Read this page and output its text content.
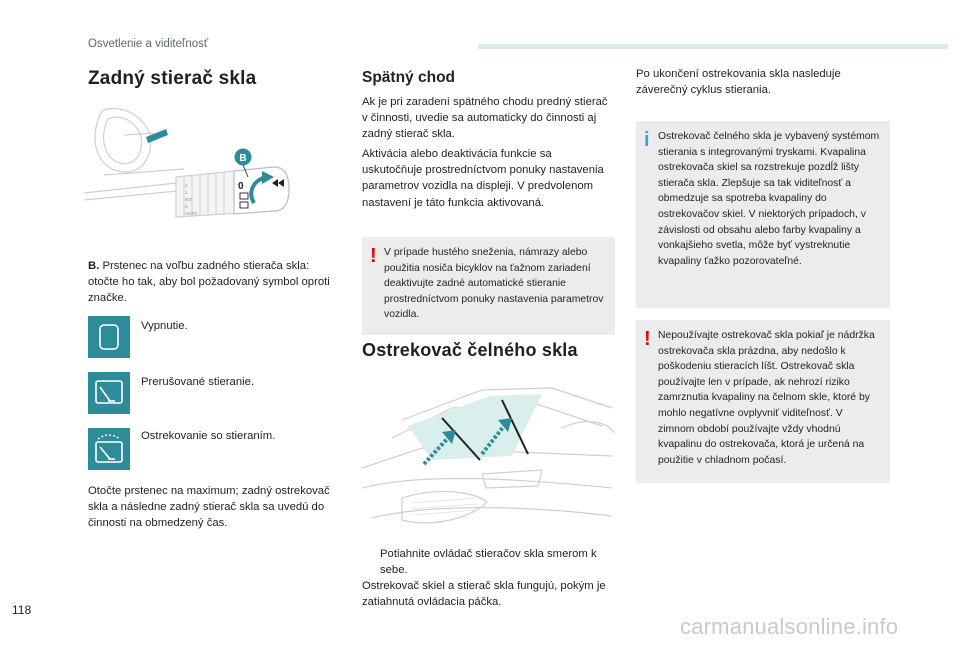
Osvetlenie a viditeľnosť
Zadný stierač skla
0
2
1
INT
0
AUTO
B
B. Prstenec na voľbu zadného stierača skla: otočte ho tak, aby bol požadovaný symbol oproti značke.
Vypnutie.
Prerušované stieranie.
Ostrekovanie so stieraním.
Otočte prstenec na maximum; zadný ostrekovač skla a následne zadný stierač skla sa uvedú do činnosti na obmedzený čas.
Spätný chod
Ak je pri zaradení spätného chodu predný stierač v činnosti, uvedie sa automaticky do činnosti aj zadný stierač skla.
Aktivácia alebo deaktivácia funkcie sa uskutočňuje prostredníctvom ponuky nastavenia parametrov vozidla na displeji. V predvolenom nastavení je táto funkcia aktivovaná.
! V prípade hustého sneženia, námrazy alebo použitia nosiča bicyklov na ťažnom zariadení deaktivujte zadné automatické stieranie prostredníctvom ponuky nastavenia parametrov vozidla.
Ostrekovač čelného skla
Potiahnite ovládač stieračov skla smerom k sebe.
Ostrekovač skiel a stierač skla fungujú, pokým je zatiahnutá ovládacia páčka.
Po ukončení ostrekovania skla nasleduje záverečný cyklus stierania.
i Ostrekovač čelného skla je vybavený systémom stierania s integrovanými tryskami. Kvapalina ostrekovača skiel sa rozstrekuje pozdĺž lišty stierača skla. Zlepšuje sa tak viditeľnosť a obmedzuje sa spotreba kvapaliny do ostrekovačov skiel. V niektorých prípadoch, v závislosti od obsahu alebo farby kvapaliny a vonkajšieho svetla, môže byť vystreknutie kvapaliny ťažko pozorovateľné.
! Nepoužívajte ostrekovač skla pokiaľ je nádržka ostrekovača skla prázdna, aby nedošlo k poškodeniu stieracích líšt. Ostrekovač skla používajte len v prípade, ak nehrozí riziko zamrznutia kvapaliny na čelnom skle, ktoré by mohlo negatívne ovplyvniť viditeľnosť. V zimnom období používajte vždy vhodnú kvapalinu do ostrekovača, ktorá je určená na použitie v chladnom počasí.
118
carmanualsonline.info
